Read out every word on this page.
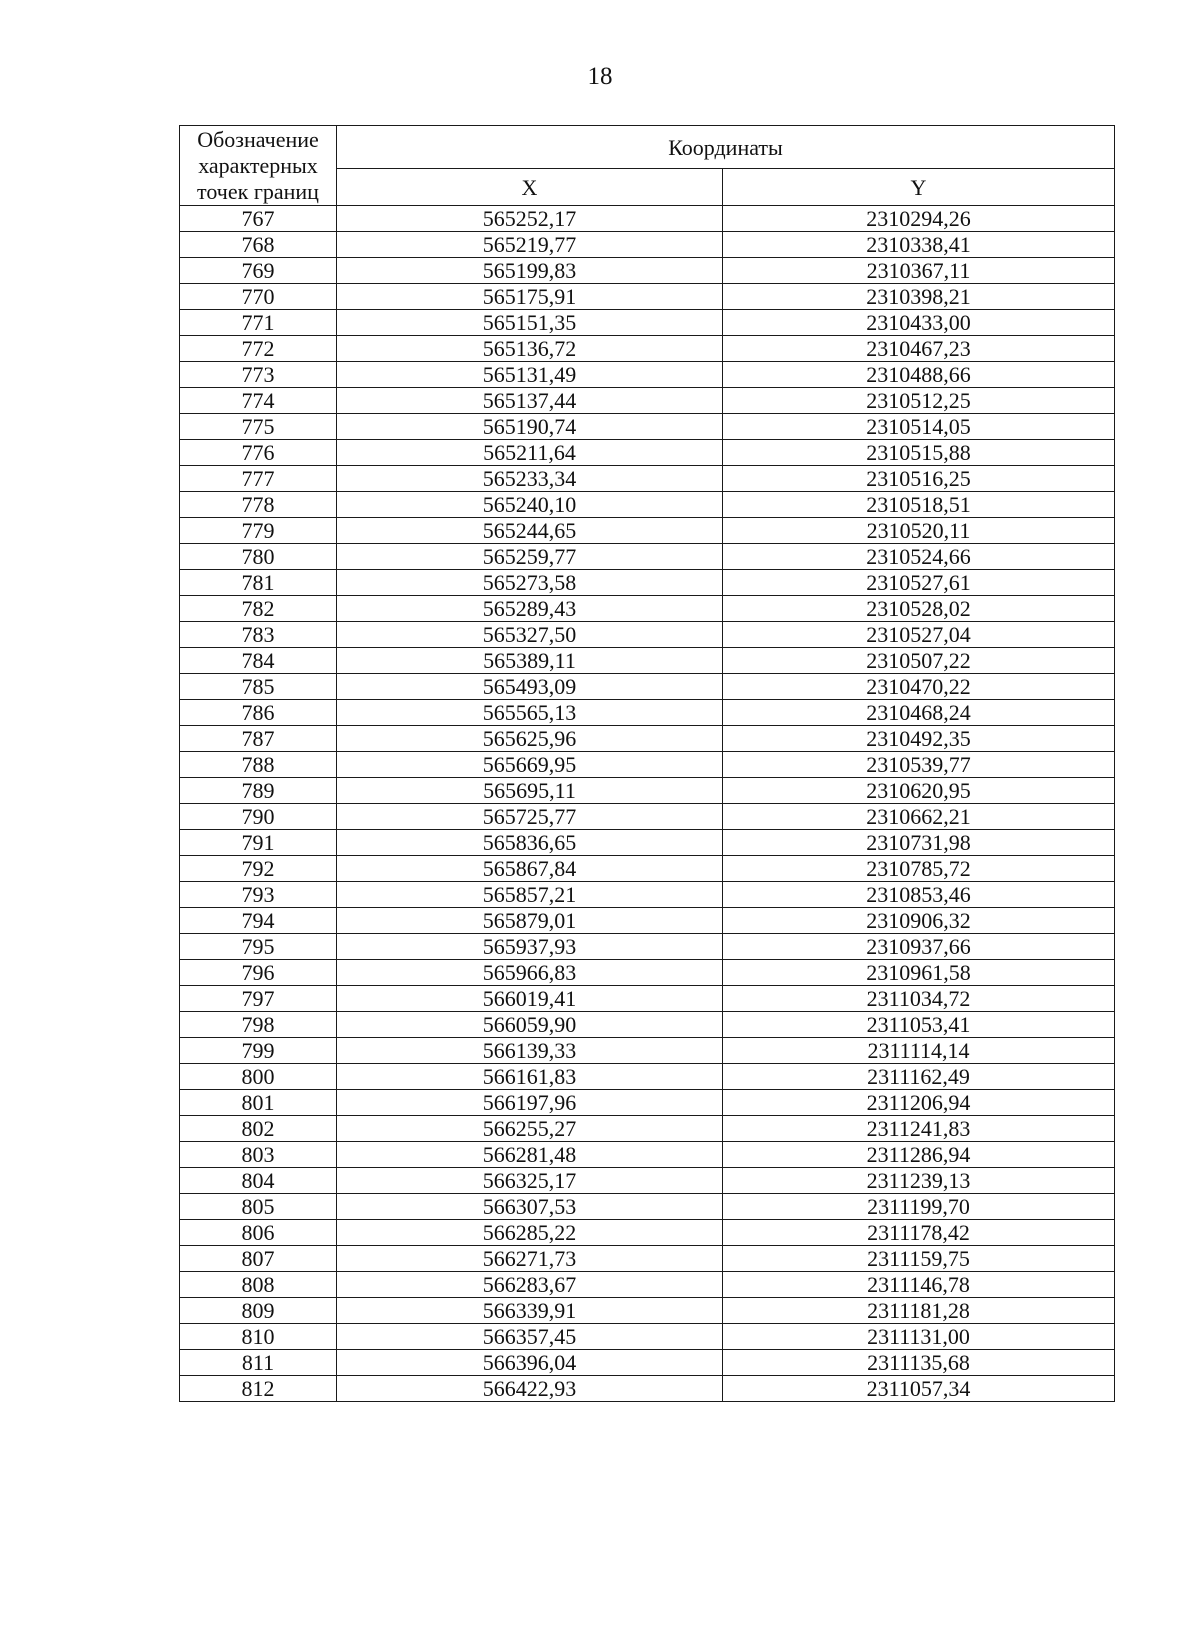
18
Обозначение характерных точек границ	Координаты	
	X	Y
767	565252,17	2310294,26
768	565219,77	2310338,41
769	565199,83	2310367,11
770	565175,91	2310398,21
771	565151,35	2310433,00
772	565136,72	2310467,23
773	565131,49	2310488,66
774	565137,44	2310512,25
775	565190,74	2310514,05
776	565211,64	2310515,88
777	565233,34	2310516,25
778	565240,10	2310518,51
779	565244,65	2310520,11
780	565259,77	2310524,66
781	565273,58	2310527,61
782	565289,43	2310528,02
783	565327,50	2310527,04
784	565389,11	2310507,22
785	565493,09	2310470,22
786	565565,13	2310468,24
787	565625,96	2310492,35
788	565669,95	2310539,77
789	565695,11	2310620,95
790	565725,77	2310662,21
791	565836,65	2310731,98
792	565867,84	2310785,72
793	565857,21	2310853,46
794	565879,01	2310906,32
795	565937,93	2310937,66
796	565966,83	2310961,58
797	566019,41	2311034,72
798	566059,90	2311053,41
799	566139,33	2311114,14
800	566161,83	2311162,49
801	566197,96	2311206,94
802	566255,27	2311241,83
803	566281,48	2311286,94
804	566325,17	2311239,13
805	566307,53	2311199,70
806	566285,22	2311178,42
807	566271,73	2311159,75
808	566283,67	2311146,78
809	566339,91	2311181,28
810	566357,45	2311131,00
811	566396,04	2311135,68
812	566422,93	2311057,34
